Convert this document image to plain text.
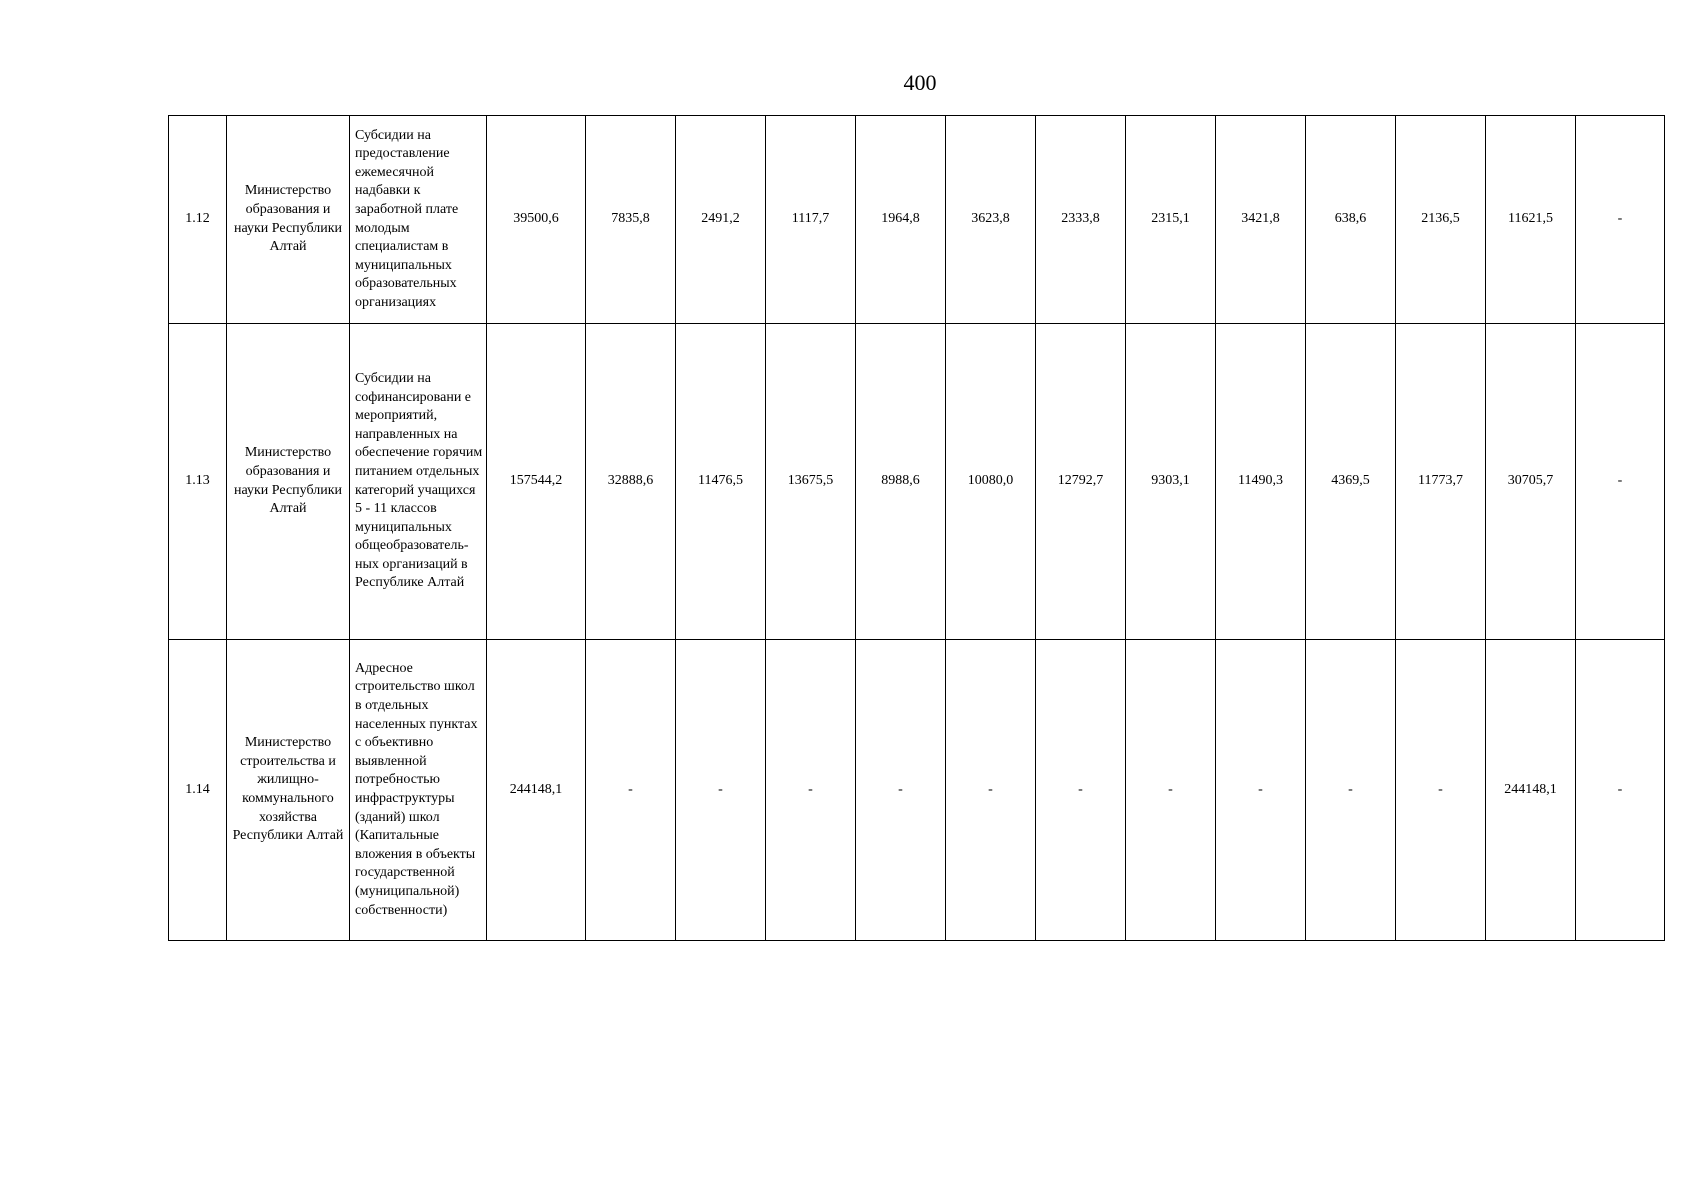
400
1.12	Министерство образования и науки Республики Алтай	Субсидии на предоставление ежемесячной надбавки к заработной плате молодым специалистам в муниципальных образовательных организациях	39500,6	7835,8	2491,2	1117,7	1964,8	3623,8	2333,8	2315,1	3421,8	638,6	2136,5	11621,5	-
1.13	Министерство образования и науки Республики Алтай	Субсидии на софинансировани е мероприятий, направленных на обеспечение горячим питанием отдельных категорий учащихся 5 - 11 классов муниципальных общеобразователь-ных организаций в Республике Алтай	157544,2	32888,6	11476,5	13675,5	8988,6	10080,0	12792,7	9303,1	11490,3	4369,5	11773,7	30705,7	-
1.14	Министерство строительства и жилищно-коммунального хозяйства Республики Алтай	Адресное строительство школ в отдельных населенных пунктах с объективно выявленной потребностью инфраструктуры (зданий) школ (Капитальные вложения в объекты государственной (муниципальной) собственности)	244148,1	-	-	-	-	-	-	-	-	-	-	244148,1	-
